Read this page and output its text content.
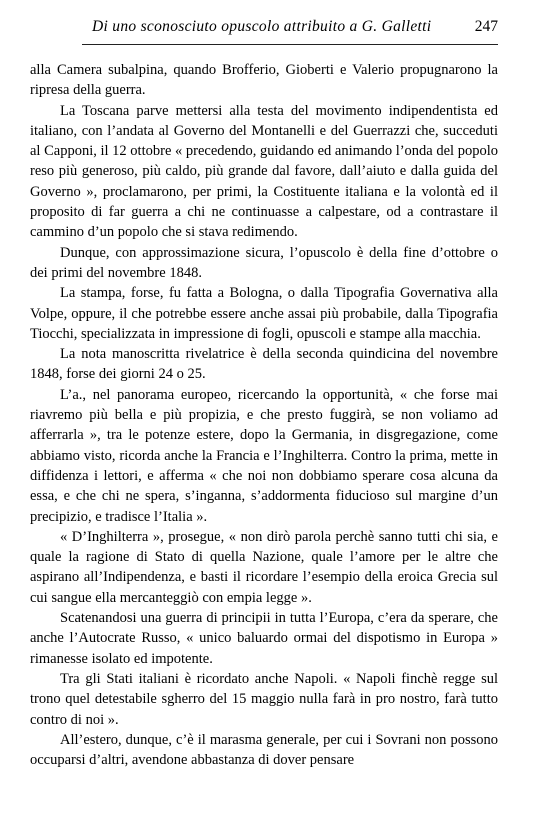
Di uno sconosciuto opuscolo attribuito a G. Galletti	247

alla Camera subalpina, quando Brofferio, Gioberti e Valerio propugnarono la ripresa della guerra.

La Toscana parve mettersi alla testa del movimento indipendentista ed italiano, con l’andata al Governo del Montanelli e del Guerrazzi che, succeduti al Capponi, il 12 ottobre « precedendo, guidando ed animando l’onda del popolo reso più generoso, più caldo, più grande dal favore, dall’aiuto e dalla guida del Governo », proclamarono, per primi, la Costituente italiana e la volontà ed il proposito di far guerra a chi ne continuasse a calpestare, od a contrastare il cammino d’un popolo che si stava redimendo.

Dunque, con approssimazione sicura, l’opuscolo è della fine d’ottobre o dei primi del novembre 1848.

La stampa, forse, fu fatta a Bologna, o dalla Tipografia Governativa alla Volpe, oppure, il che potrebbe essere anche assai più probabile, dalla Tipografia Tiocchi, specializzata in impressione di fogli, opuscoli e stampe alla macchia.

La nota manoscritta rivelatrice è della seconda quindicina del novembre 1848, forse dei giorni 24 o 25.

L’a., nel panorama europeo, ricercando la opportunità, « che forse mai riavremo più bella e più propizia, e che presto fuggirà, se non voliamo ad afferrarla », tra le potenze estere, dopo la Germania, in disgregazione, come abbiamo visto, ricorda anche la Francia e l’Inghilterra. Contro la prima, mette in diffidenza i lettori, e afferma « che noi non dobbiamo sperare cosa alcuna da essa, e che chi ne spera, s’inganna, s’addormenta fiducioso sul margine d’un precipizio, e tradisce l’Italia ».

« D’Inghilterra », prosegue, « non dirò parola perchè sanno tutti chi sia, e quale la ragione di Stato di quella Nazione, quale l’amore per le altre che aspirano all’Indipendenza, e basti il ricordare l’esempio della eroica Grecia sul cui sangue ella mercanteggiò con empia legge ».

Scatenandosi una guerra di principii in tutta l’Europa, c’era da sperare, che anche l’Autocrate Russo, « unico baluardo ormai del dispotismo in Europa » rimanesse isolato ed impotente.

Tra gli Stati italiani è ricordato anche Napoli. « Napoli finchè regge sul trono quel detestabile sgherro del 15 maggio nulla farà in pro nostro, farà tutto contro di noi ».

All’estero, dunque, c’è il marasma generale, per cui i Sovrani non possono occuparsi d’altri, avendone abbastanza di dover pensare
